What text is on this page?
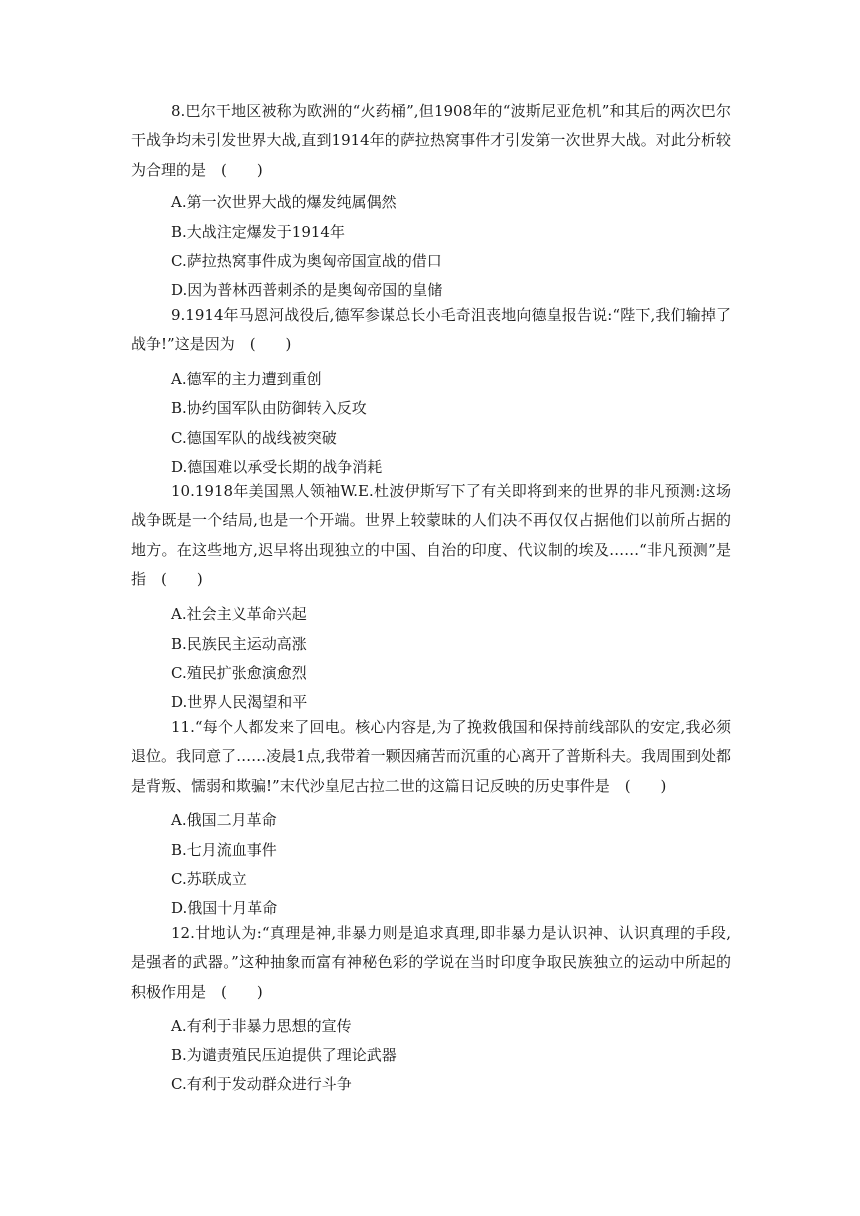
8.巴尔干地区被称为欧洲的“火药桶”,但1908年的“波斯尼亚危机”和其后的两次巴尔干战争均未引发世界大战,直到1914年的萨拉热窝事件才引发第一次世界大战。对此分析较为合理的是　(　　)

A.第一次世界大战的爆发纯属偶然
B.大战注定爆发于1914年
C.萨拉热窝事件成为奥匈帝国宣战的借口
D.因为普林西普刺杀的是奥匈帝国的皇储

9.1914年马恩河战役后,德军参谋总长小毛奇沮丧地向德皇报告说:“陛下,我们输掉了战争!”这是因为　(　　)

A.德军的主力遭到重创
B.协约国军队由防御转入反攻
C.德国军队的战线被突破
D.德国难以承受长期的战争消耗

10.1918年美国黑人领袖W.E.杜波伊斯写下了有关即将到来的世界的非凡预测:这场战争既是一个结局,也是一个开端。世界上较蒙昧的人们决不再仅仅占据他们以前所占据的地方。在这些地方,迟早将出现独立的中国、自治的印度、代议制的埃及……“非凡预测”是指　(　　)

A.社会主义革命兴起
B.民族民主运动高涨
C.殖民扩张愈演愈烈
D.世界人民渴望和平

11.“每个人都发来了回电。核心内容是,为了挽救俄国和保持前线部队的安定,我必须退位。我同意了……凌晨1点,我带着一颗因痛苦而沉重的心离开了普斯科夫。我周围到处都是背叛、懦弱和欺骗!”末代沙皇尼古拉二世的这篇日记反映的历史事件是　(　　)

A.俄国二月革命
B.七月流血事件
C.苏联成立
D.俄国十月革命

12.甘地认为:“真理是神,非暴力则是追求真理,即非暴力是认识神、认识真理的手段,是强者的武器。”这种抽象而富有神秘色彩的学说在当时印度争取民族独立的运动中所起的积极作用是　(　　)

A.有利于非暴力思想的宣传
B.为谴责殖民压迫提供了理论武器
C.有利于发动群众进行斗争
